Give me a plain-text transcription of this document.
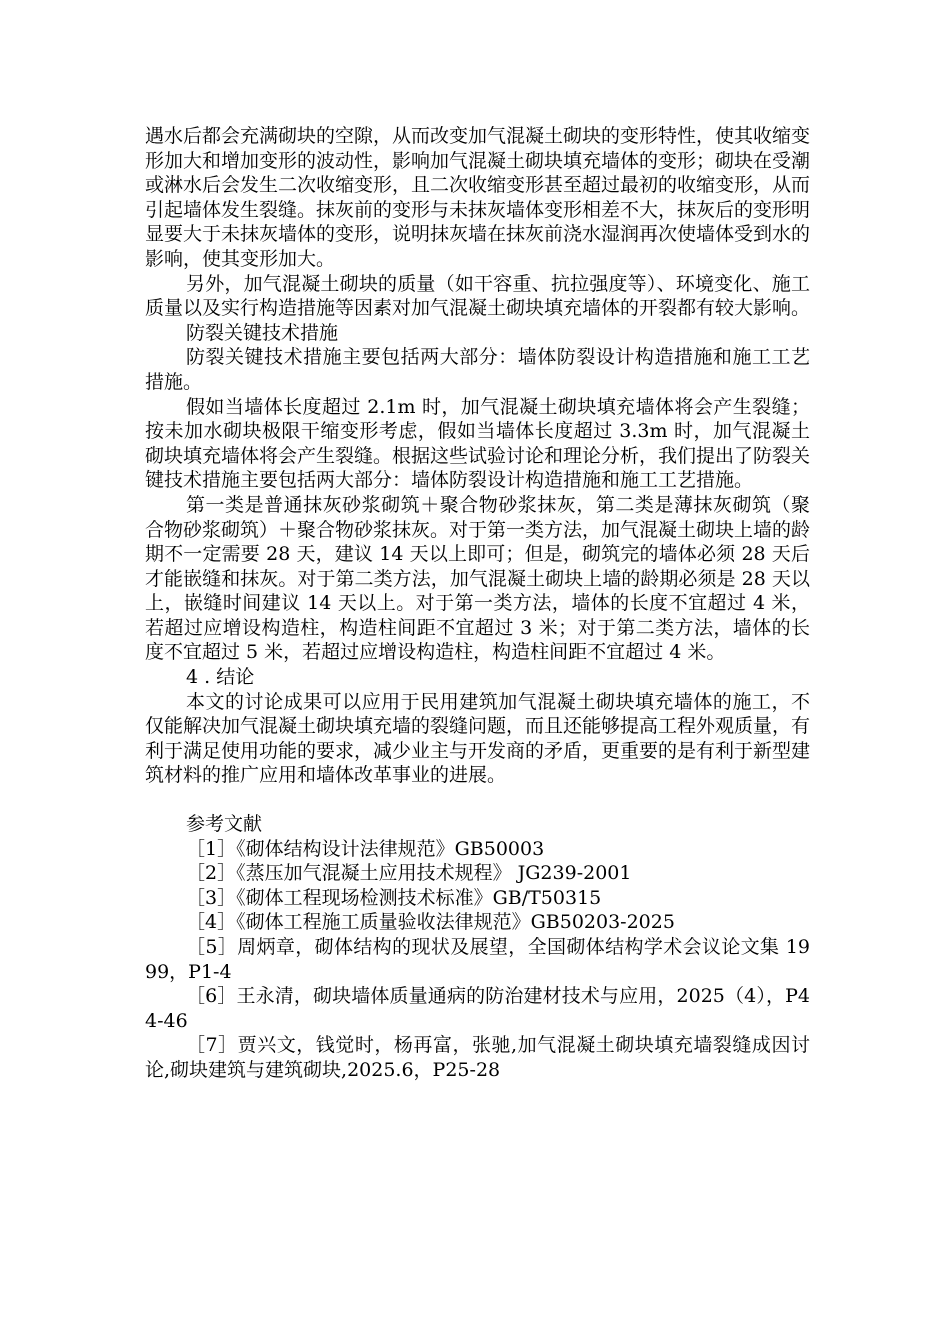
遇水后都会充满砌块的空隙，从而改变加气混凝土砌块的变形特性，使其收缩变形加大和增加变形的波动性，影响加气混凝土砌块填充墙体的变形；砌块在受潮或淋水后会发生二次收缩变形，且二次收缩变形甚至超过最初的收缩变形，从而引起墙体发生裂缝。抹灰前的变形与未抹灰墙体变形相差不大，抹灰后的变形明显要大于未抹灰墙体的变形，说明抹灰墙在抹灰前浇水湿润再次使墙体受到水的影响，使其变形加大。

另外，加气混凝土砌块的质量（如干容重、抗拉强度等）、环境变化、施工质量以及实行构造措施等因素对加气混凝土砌块填充墙体的开裂都有较大影响。

防裂关键技术措施

防裂关键技术措施主要包括两大部分：墙体防裂设计构造措施和施工工艺措施。

假如当墙体长度超过 2.1m 时，加气混凝土砌块填充墙体将会产生裂缝；按未加水砌块极限干缩变形考虑，假如当墙体长度超过 3.3m 时，加气混凝土砌块填充墙体将会产生裂缝。根据这些试验讨论和理论分析，我们提出了防裂关键技术措施主要包括两大部分：墙体防裂设计构造措施和施工工艺措施。

第一类是普通抹灰砂浆砌筑＋聚合物砂浆抹灰，第二类是薄抹灰砌筑（聚合物砂浆砌筑）＋聚合物砂浆抹灰。对于第一类方法，加气混凝土砌块上墙的龄期不一定需要 28 天，建议 14 天以上即可；但是，砌筑完的墙体必须 28 天后才能嵌缝和抹灰。对于第二类方法，加气混凝土砌块上墙的龄期必须是 28 天以上，嵌缝时间建议 14 天以上。对于第一类方法，墙体的长度不宜超过 4 米，若超过应增设构造柱，构造柱间距不宜超过 3 米；对于第二类方法，墙体的长度不宜超过 5 米，若超过应增设构造柱，构造柱间距不宜超过 4 米。

4 . 结论

本文的讨论成果可以应用于民用建筑加气混凝土砌块填充墙体的施工，不仅能解决加气混凝土砌块填充墙的裂缝问题，而且还能够提高工程外观质量，有利于满足使用功能的要求，减少业主与开发商的矛盾，更重要的是有利于新型建筑材料的推广应用和墙体改革事业的进展。

参考文献

［1］《砌体结构设计法律规范》GB50003

［2］《蒸压加气混凝土应用技术规程》 JG239-2001

［3］《砌体工程现场检测技术标准》GB/T50315

［4］《砌体工程施工质量验收法律规范》GB50203-2025

［5］周炳章，砌体结构的现状及展望，全国砌体结构学术会议论文集 1999，P1-4

［6］王永清，砌块墙体质量通病的防治建材技术与应用，2025（4），P44-46

［7］贾兴文，钱觉时，杨再富，张驰,加气混凝土砌块填充墙裂缝成因讨论,砌块建筑与建筑砌块,2025.6，P25-28
